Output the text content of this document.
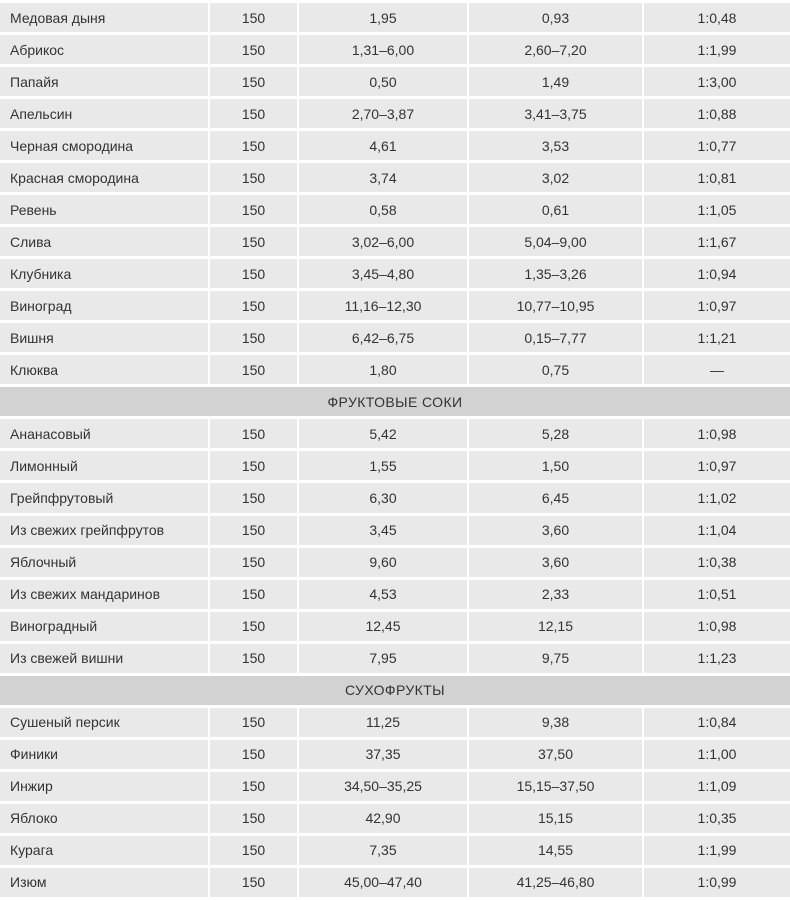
Медовая дыня	150	1,95	0,93	1:0,48
Абрикос	150	1,31–6,00	2,60–7,20	1:1,99
Папайя	150	0,50	1,49	1:3,00
Апельсин	150	2,70–3,87	3,41–3,75	1:0,88
Черная смородина	150	4,61	3,53	1:0,77
Красная смородина	150	3,74	3,02	1:0,81
Ревень	150	0,58	0,61	1:1,05
Слива	150	3,02–6,00	5,04–9,00	1:1,67
Клубника	150	3,45–4,80	1,35–3,26	1:0,94
Виноград	150	11,16–12,30	10,77–10,95	1:0,97
Вишня	150	6,42–6,75	0,15–7,77	1:1,21
Клюква	150	1,80	0,75	—
ФРУКТОВЫЕ СОКИ				
Ананасовый	150	5,42	5,28	1:0,98
Лимонный	150	1,55	1,50	1:0,97
Грейпфрутовый	150	6,30	6,45	1:1,02
Из свежих грейпфрутов	150	3,45	3,60	1:1,04
Яблочный	150	9,60	3,60	1:0,38
Из свежих мандаринов	150	4,53	2,33	1:0,51
Виноградный	150	12,45	12,15	1:0,98
Из свежей вишни	150	7,95	9,75	1:1,23
СУХОФРУКТЫ				
Сушеный персик	150	11,25	9,38	1:0,84
Финики	150	37,35	37,50	1:1,00
Инжир	150	34,50–35,25	15,15–37,50	1:1,09
Яблоко	150	42,90	15,15	1:0,35
Курага	150	7,35	14,55	1:1,99
Изюм	150	45,00–47,40	41,25–46,80	1:0,99
